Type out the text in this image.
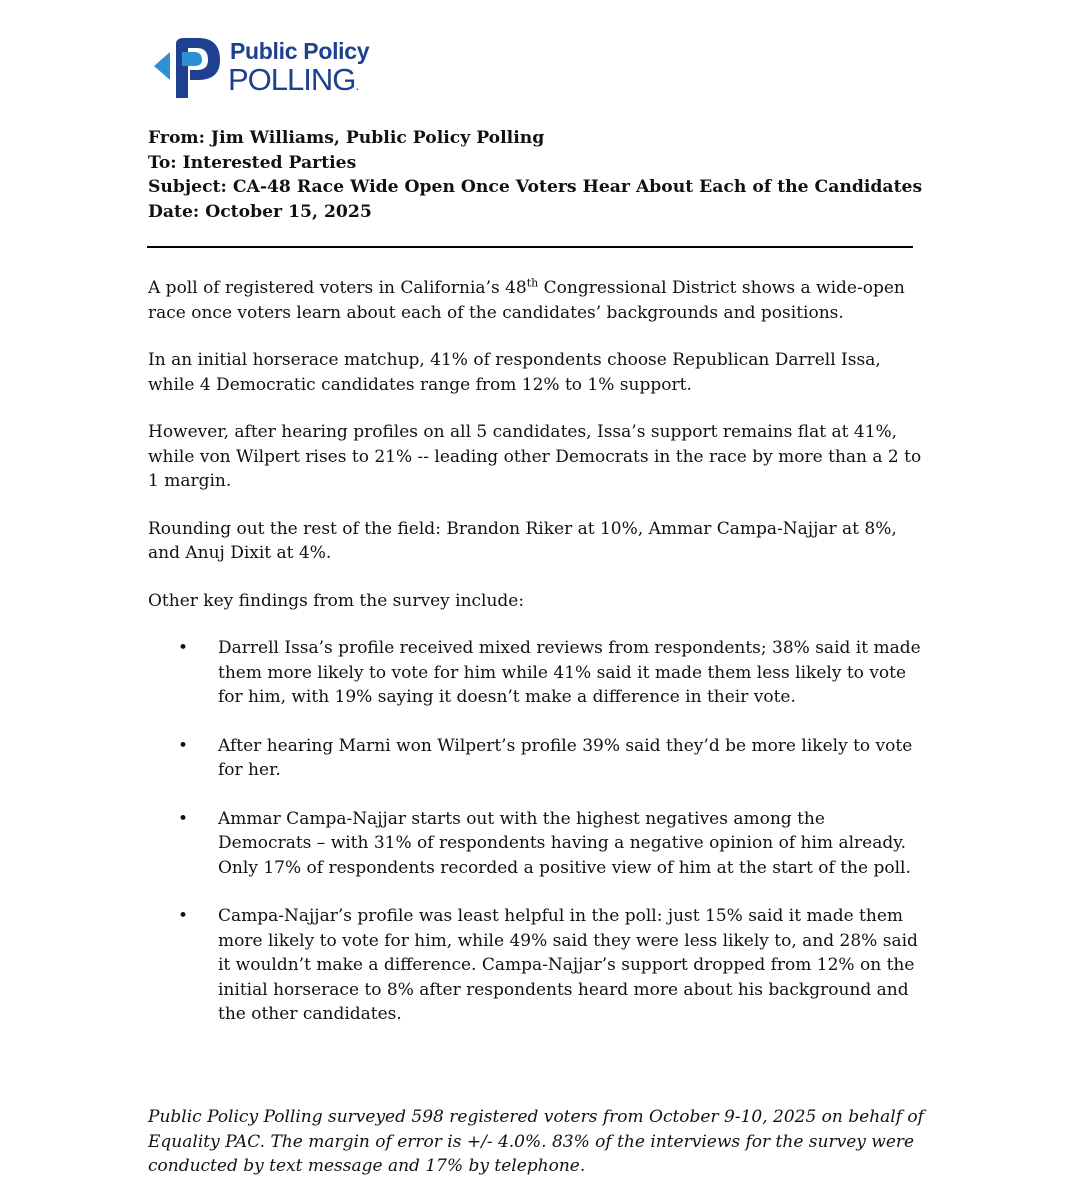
Public Policy
POLLING.
From: Jim Williams, Public Policy Polling
To: Interested Parties
Subject: CA-48 Race Wide Open Once Voters Hear About Each of the Candidates
Date: October 15, 2025

A poll of registered voters in California’s 48th Congressional District shows a wide-open race once voters learn about each of the candidates’ backgrounds and positions.

In an initial horserace matchup, 41% of respondents choose Republican Darrell Issa, while 4 Democratic candidates range from 12% to 1% support.

However, after hearing profiles on all 5 candidates, Issa’s support remains flat at 41%, while von Wilpert rises to 21% -- leading other Democrats in the race by more than a 2 to 1 margin.

Rounding out the rest of the field: Brandon Riker at 10%, Ammar Campa-Najjar at 8%, and Anuj Dixit at 4%.

Other key findings from the survey include:

• Darrell Issa’s profile received mixed reviews from respondents; 38% said it made them more likely to vote for him while 41% said it made them less likely to vote for him, with 19% saying it doesn’t make a difference in their vote.
• After hearing Marni won Wilpert’s profile 39% said they’d be more likely to vote for her.
• Ammar Campa-Najjar starts out with the highest negatives among the Democrats – with 31% of respondents having a negative opinion of him already. Only 17% of respondents recorded a positive view of him at the start of the poll.
• Campa-Najjar’s profile was least helpful in the poll: just 15% said it made them more likely to vote for him, while 49% said they were less likely to, and 28% said it wouldn’t make a difference. Campa-Najjar’s support dropped from 12% on the initial horserace to 8% after respondents heard more about his background and the other candidates.
Public Policy Polling surveyed 598 registered voters from October 9-10, 2025 on behalf of Equality PAC. The margin of error is +/- 4.0%. 83% of the interviews for the survey were conducted by text message and 17% by telephone.
